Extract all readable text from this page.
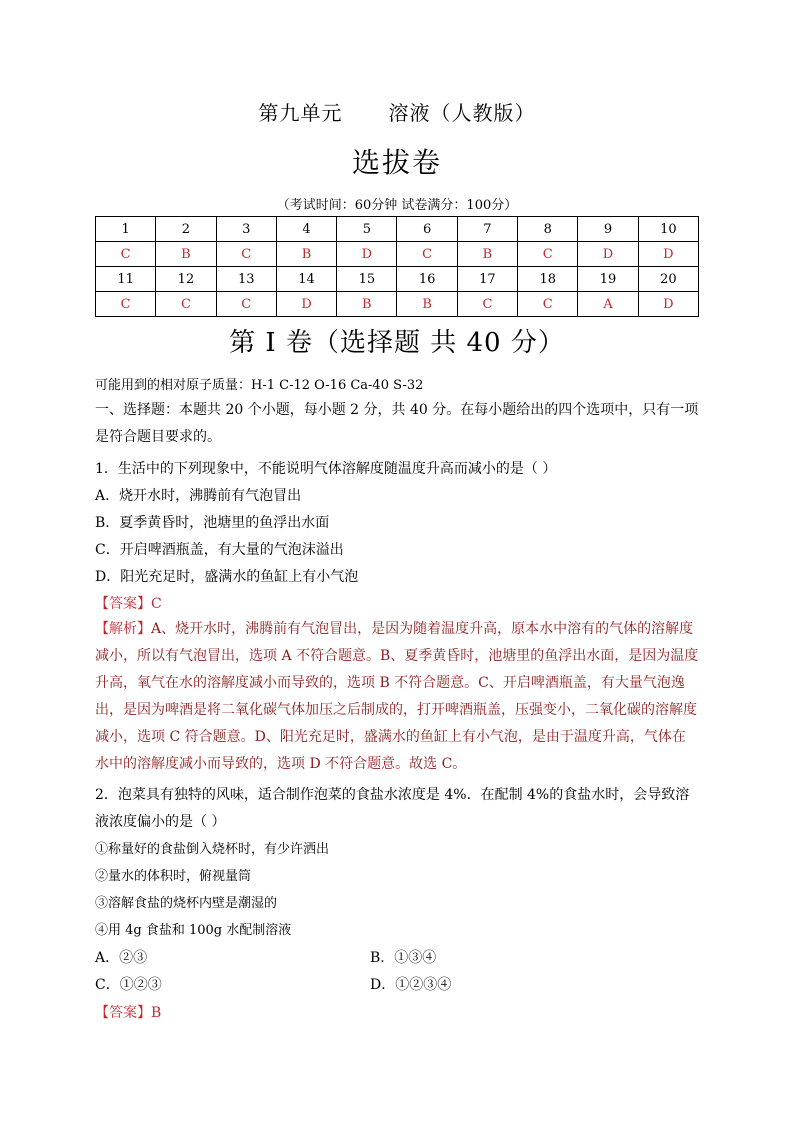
第九单元 溶液（人教版）
选拔卷
（考试时间：60分钟 试卷满分：100分）
1	2	3	4	5	6	7	8	9	10
C	B	C	B	D	C	B	C	D	D
11	12	13	14	15	16	17	18	19	20
C	C	C	D	B	B	C	C	A	D
第 I 卷（选择题 共 40 分）
可能用到的相对原子质量：H-1 C-12 O-16 Ca-40 S-32
一、选择题：本题共 20 个小题，每小题 2 分，共 40 分。在每小题给出的四个选项中，只有一项是符合题目要求的。
1．生活中的下列现象中，不能说明气体溶解度随温度升高而减小的是（ ）
A．烧开水时，沸腾前有气泡冒出
B．夏季黄昏时，池塘里的鱼浮出水面
C．开启啤酒瓶盖，有大量的气泡沫溢出
D．阳光充足时，盛满水的鱼缸上有小气泡
【答案】C
【解析】A、烧开水时，沸腾前有气泡冒出，是因为随着温度升高，原本水中溶有的气体的溶解度减小，所以有气泡冒出，选项 A 不符合题意。B、夏季黄昏时，池塘里的鱼浮出水面，是因为温度升高，氧气在水的溶解度减小而导致的，选项 B 不符合题意。C、开启啤酒瓶盖，有大量气泡逸出，是因为啤酒是将二氧化碳气体加压之后制成的，打开啤酒瓶盖，压强变小，二氧化碳的溶解度减小，选项 C 符合题意。D、阳光充足时，盛满水的鱼缸上有小气泡，是由于温度升高，气体在水中的溶解度减小而导致的，选项 D 不符合题意。故选 C。
2．泡菜具有独特的风味，适合制作泡菜的食盐水浓度是 4%．在配制 4%的食盐水时，会导致溶液浓度偏小的是（ ）
①称量好的食盐倒入烧杯时，有少许洒出
②量水的体积时，俯视量筒
③溶解食盐的烧杯内壁是潮湿的
④用 4g 食盐和 100g 水配制溶液
A．②③	B．①③④
C．①②③	D．①②③④
【答案】B
